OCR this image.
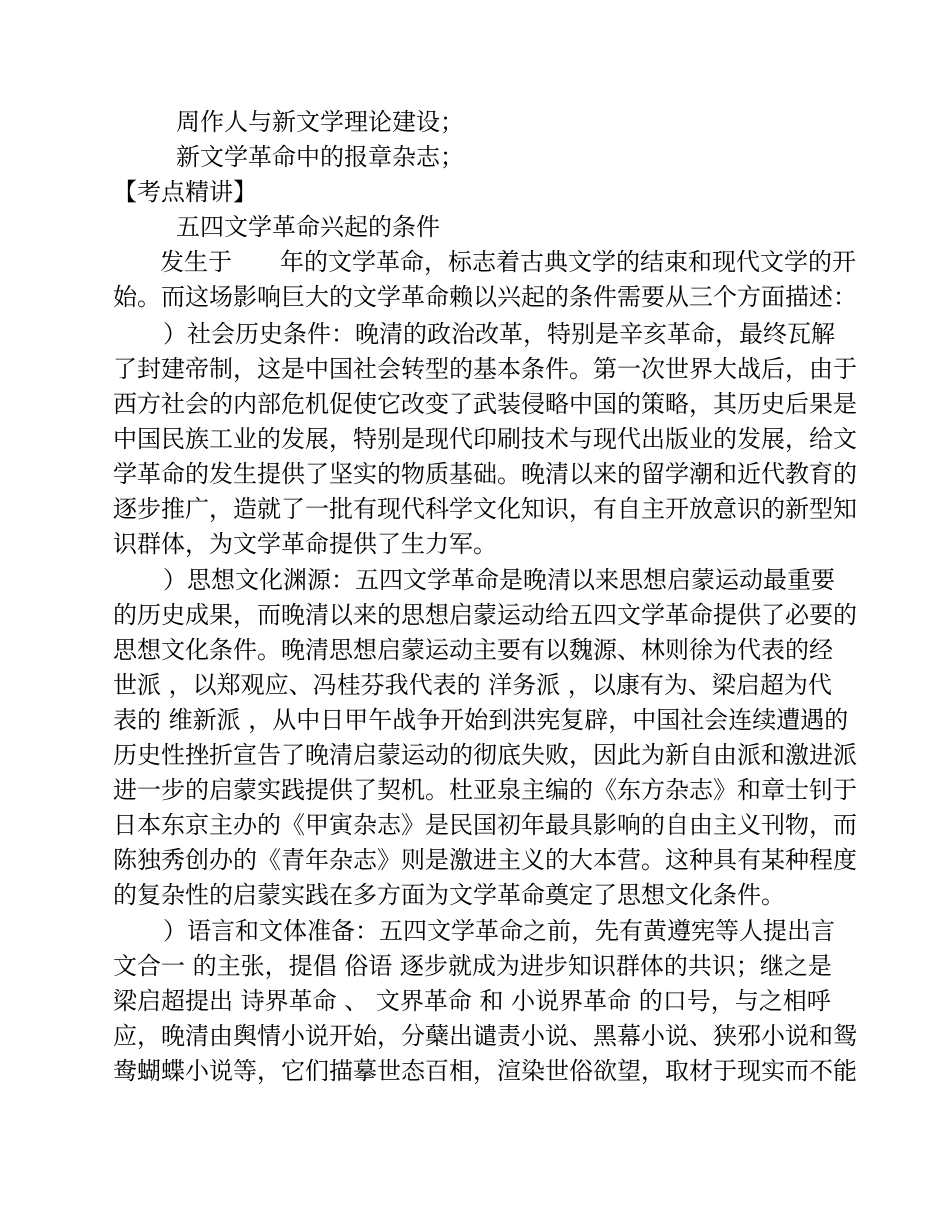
周作人与新文学理论建设；
新文学革命中的报章杂志；
【考点精讲】
五四文学革命兴起的条件
发生于　　年的文学革命，标志着古典文学的结束和现代文学的开
始。而这场影响巨大的文学革命赖以兴起的条件需要从三个方面描述：
）社会历史条件：晚清的政治改革，特别是辛亥革命，最终瓦解
了封建帝制，这是中国社会转型的基本条件。第一次世界大战后，由于
西方社会的内部危机促使它改变了武装侵略中国的策略，其历史后果是
中国民族工业的发展，特别是现代印刷技术与现代出版业的发展，给文
学革命的发生提供了坚实的物质基础。晚清以来的留学潮和近代教育的
逐步推广，造就了一批有现代科学文化知识，有自主开放意识的新型知
识群体，为文学革命提供了生力军。
）思想文化渊源：五四文学革命是晚清以来思想启蒙运动最重要
的历史成果，而晚清以来的思想启蒙运动给五四文学革命提供了必要的
思想文化条件。晚清思想启蒙运动主要有以魏源、林则徐为代表的经
世派 ，以郑观应、冯桂芬我代表的 洋务派 ，以康有为、梁启超为代
表的 维新派 ，从中日甲午战争开始到洪宪复辟，中国社会连续遭遇的
历史性挫折宣告了晚清启蒙运动的彻底失败，因此为新自由派和激进派
进一步的启蒙实践提供了契机。杜亚泉主编的《东方杂志》和章士钊于
日本东京主办的《甲寅杂志》是民国初年最具影响的自由主义刊物，而
陈独秀创办的《青年杂志》则是激进主义的大本营。这种具有某种程度
的复杂性的启蒙实践在多方面为文学革命奠定了思想文化条件。
）语言和文体准备：五四文学革命之前，先有黄遵宪等人提出言
文合一 的主张，提倡 俗语 逐步就成为进步知识群体的共识；继之是
梁启超提出 诗界革命 、 文界革命 和 小说界革命 的口号，与之相呼
应，晚清由舆情小说开始，分蘖出谴责小说、黑幕小说、狭邪小说和鸳
鸯蝴蝶小说等，它们描摹世态百相，渲染世俗欲望，取材于现实而不能
